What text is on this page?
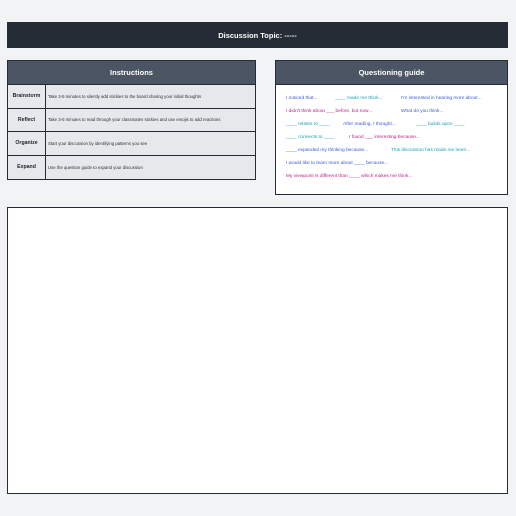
Discussion Topic: -----
Instructions
Brainstorm	Take 3-5 minutes to silently add stickies to the board sharing your initial thoughts
Reflect	Take 3-5 minutes to read through your classmates stickies and use emojis to add reactions
Organize	Start your discussion by identifying patterns you see
Expand	Use the question guide to expand your discussion
Questioning guide
I noticed that...	____ made me think...	I'm interested in hearing more about...
I didn't think about ___ before, but now...	What do you think...
____ relates to ____	After reading, I thought...	____ builds upon ____
____ connects to ____	I found ___ interesting because...
____ expanded my thinking because...	This discussion has made me learn...
I would like to learn more about ____ because...
My viewpoint is different than ____ which makes me think...
